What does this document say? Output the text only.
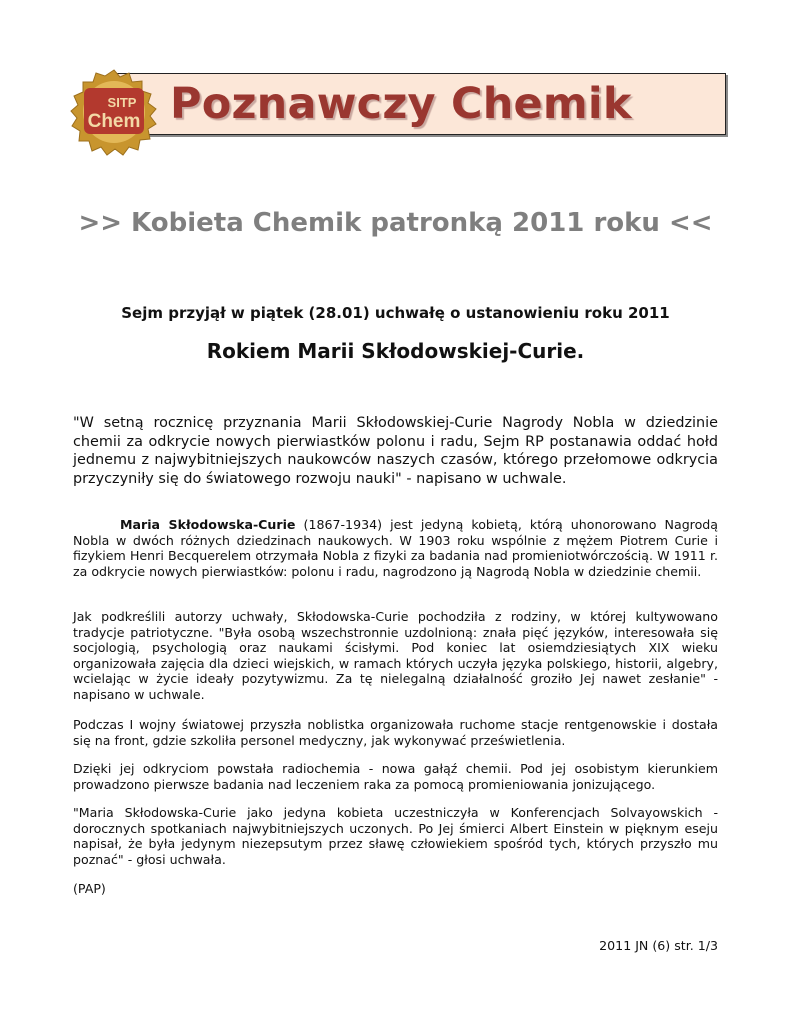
SITP
Chem Poznawczy Chemik
>> Kobieta Chemik patronką 2011 roku <<
Sejm przyjął w piątek (28.01) uchwałę o ustanowieniu roku 2011
Rokiem Marii Skłodowskiej-Curie.
"W setną rocznicę przyznania Marii Skłodowskiej-Curie Nagrody Nobla w dziedzinie chemii za odkrycie nowych pierwiastków polonu i radu, Sejm RP postanawia oddać hołd jednemu z najwybitniejszych naukowców naszych czasów, którego przełomowe odkrycia przyczyniły się do światowego rozwoju nauki" - napisano w uchwale.

Maria Skłodowska-Curie (1867-1934) jest jedyną kobietą, którą uhonorowano Nagrodą Nobla w dwóch różnych dziedzinach naukowych. W 1903 roku wspólnie z mężem Piotrem Curie i fizykiem Henri Becquerelem otrzymała Nobla z fizyki za badania nad promieniotwórczością. W 1911 r. za odkrycie nowych pierwiastków: polonu i radu, nagrodzono ją Nagrodą Nobla w dziedzinie chemii.

Jak podkreślili autorzy uchwały, Skłodowska-Curie pochodziła z rodziny, w której kultywowano tradycje patriotyczne. "Była osobą wszechstronnie uzdolnioną: znała pięć języków, interesowała się socjologią, psychologią oraz naukami ścisłymi. Pod koniec lat osiemdziesiątych XIX wieku organizowała zajęcia dla dzieci wiejskich, w ramach których uczyła języka polskiego, historii, algebry, wcielając w życie ideały pozytywizmu. Za tę nielegalną działalność groziło Jej nawet zesłanie" - napisano w uchwale.

Podczas I wojny światowej przyszła noblistka organizowała ruchome stacje rentgenowskie i dostała się na front, gdzie szkoliła personel medyczny, jak wykonywać prześwietlenia.

Dzięki jej odkryciom powstała radiochemia - nowa gałąź chemii. Pod jej osobistym kierunkiem prowadzono pierwsze badania nad leczeniem raka za pomocą promieniowania jonizującego.

"Maria Skłodowska-Curie jako jedyna kobieta uczestniczyła w Konferencjach Solvayowskich - dorocznych spotkaniach najwybitniejszych uczonych. Po Jej śmierci Albert Einstein w pięknym eseju napisał, że była jedynym niezepsutym przez sławę człowiekiem spośród tych, których przyszło mu poznać" - głosi uchwała.

(PAP)

2011 JN (6) str. 1/3
